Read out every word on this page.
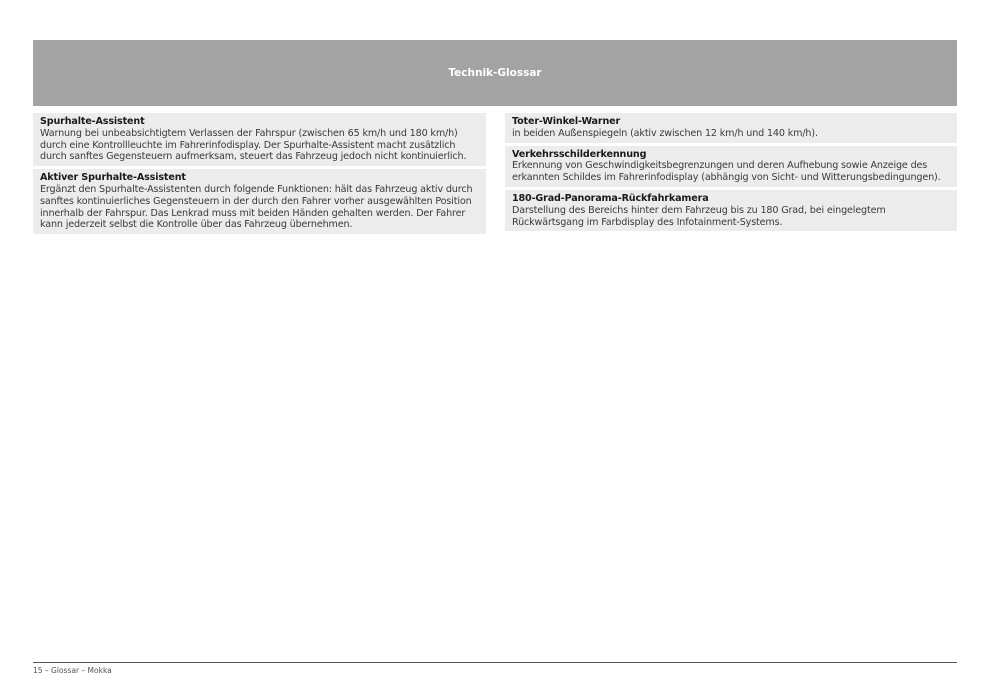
Technik-Glossar
Spurhalte-Assistent
Warnung bei unbeabsichtigtem Verlassen der Fahrspur (zwischen 65 km/h und 180 km/h) durch eine Kontrollleuchte im Fahrerinfodisplay. Der Spurhalte-Assistent macht zusätzlich durch sanftes Gegensteuern aufmerksam, steuert das Fahrzeug jedoch nicht kontinuierlich.
Aktiver Spurhalte-Assistent
Ergänzt den Spurhalte-Assistenten durch folgende Funktionen: hält das Fahrzeug aktiv durch sanftes kontinuierliches Gegensteuern in der durch den Fahrer vorher ausgewählten Position innerhalb der Fahrspur. Das Lenkrad muss mit beiden Händen gehalten werden. Der Fahrer kann jederzeit selbst die Kontrolle über das Fahrzeug übernehmen.
Toter-Winkel-Warner
in beiden Außenspiegeln (aktiv zwischen 12 km/h und 140 km/h).
Verkehrsschilderkennung
Erkennung von Geschwindigkeitsbegrenzungen und deren Aufhebung sowie Anzeige des erkannten Schildes im Fahrerinfodisplay (abhängig von Sicht- und Witterungsbedingungen).
180-Grad-Panorama-Rückfahrkamera
Darstellung des Bereichs hinter dem Fahrzeug bis zu 180 Grad, bei eingelegtem Rückwärtsgang im Farbdisplay des Infotainment-Systems.
15 – Glossar – Mokka
